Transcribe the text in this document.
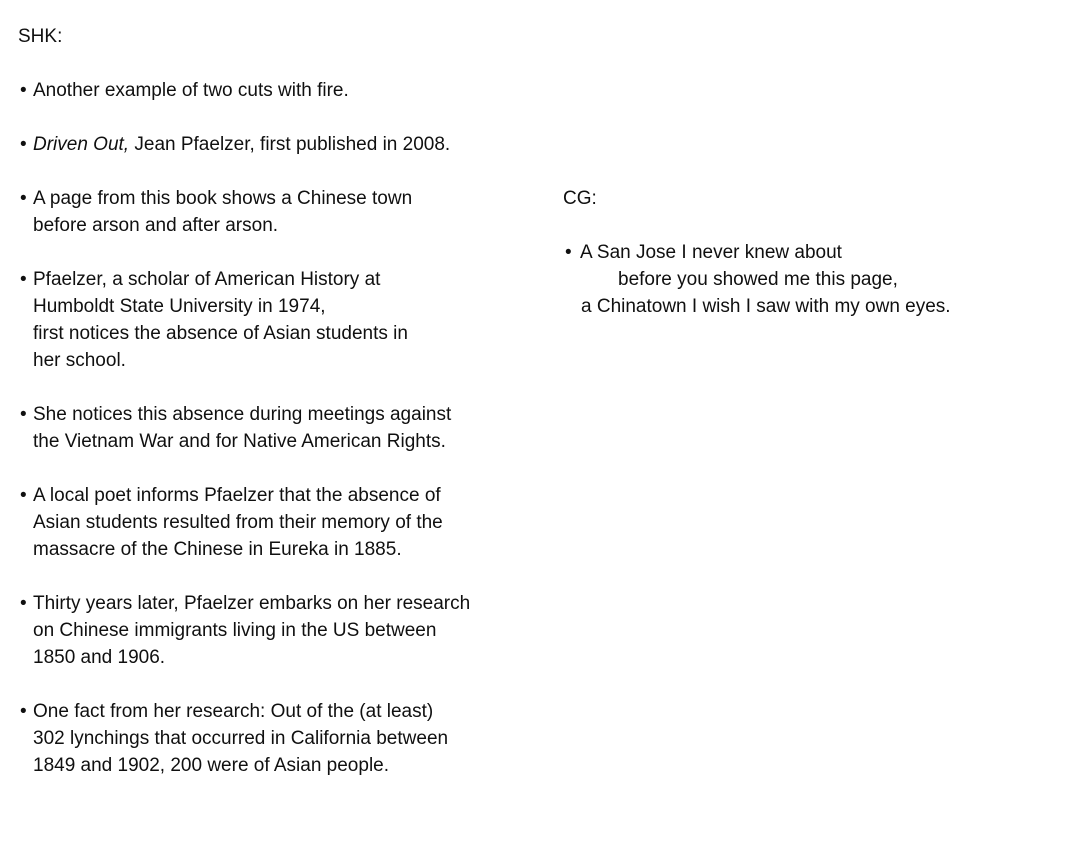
SHK:
• Another example of two cuts with fire.
• Driven Out, Jean Pfaelzer, first published in 2008.
• A page from this book shows a Chinese town
before arson and after arson.
• Pfaelzer, a scholar of American History at
Humboldt State University in 1974,
first notices the absence of Asian students in
her school.
• She notices this absence during meetings against
the Vietnam War and for Native American Rights.
• A local poet informs Pfaelzer that the absence of
Asian students resulted from their memory of the
massacre of the Chinese in Eureka in 1885.
• Thirty years later, Pfaelzer embarks on her research
on Chinese immigrants living in the US between
1850 and 1906.
• One fact from her research: Out of the (at least)
302 lynchings that occurred in California between
1849 and 1902, 200 were of Asian people.
CG:
• A San Jose I never knew about
before you showed me this page,
a Chinatown I wish I saw with my own eyes.
